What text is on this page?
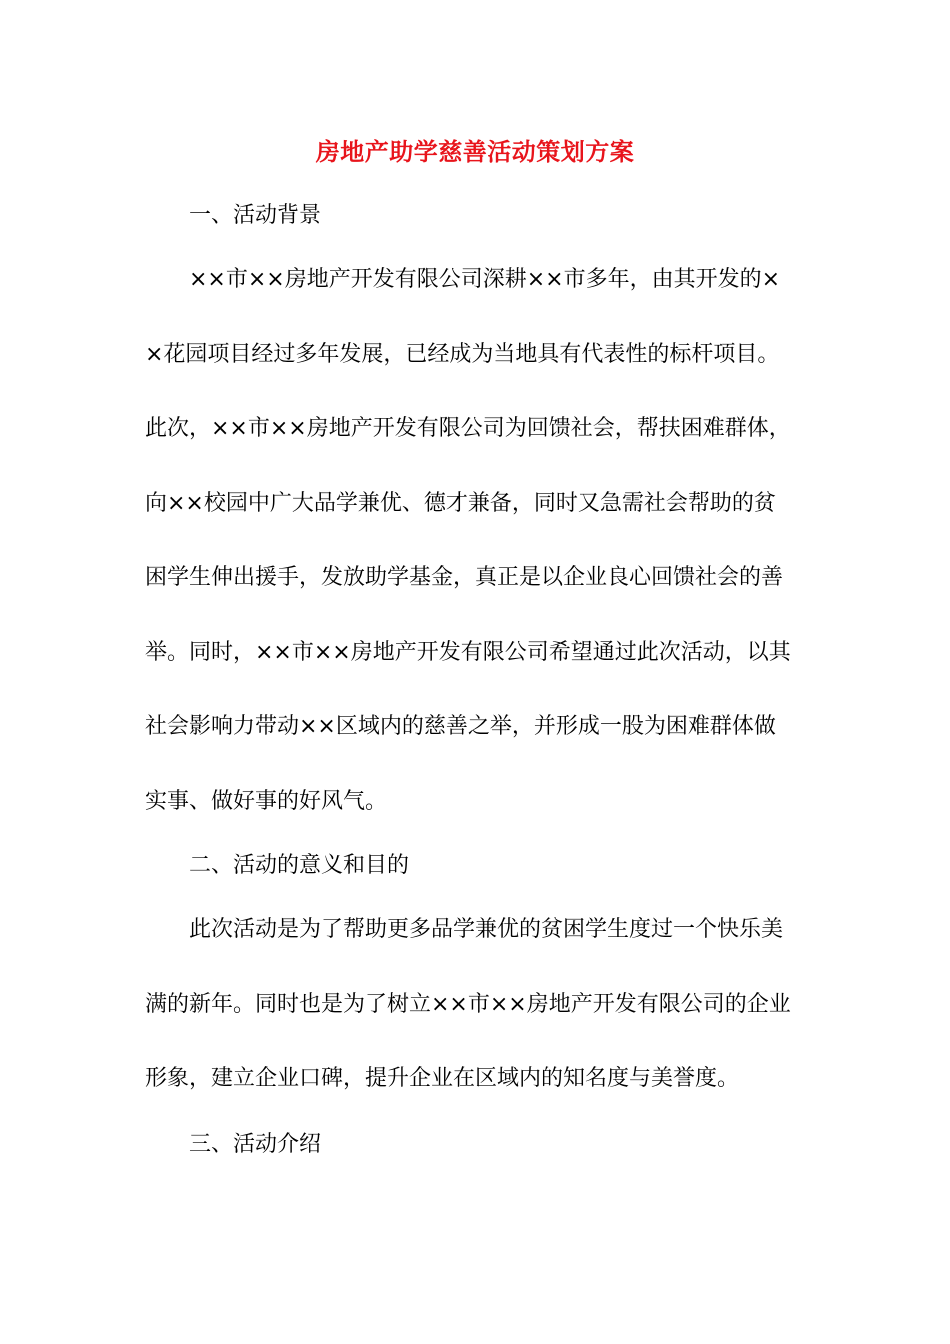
房地产助学慈善活动策划方案
一、活动背景
××市××房地产开发有限公司深耕××市多年，由其开发的×
×花园项目经过多年发展，已经成为当地具有代表性的标杆项目。
此次，××市××房地产开发有限公司为回馈社会，帮扶困难群体，
向××校园中广大品学兼优、德才兼备，同时又急需社会帮助的贫
困学生伸出援手，发放助学基金，真正是以企业良心回馈社会的善
举。同时，××市××房地产开发有限公司希望通过此次活动，以其
社会影响力带动××区域内的慈善之举，并形成一股为困难群体做
实事、做好事的好风气。
二、活动的意义和目的
此次活动是为了帮助更多品学兼优的贫困学生度过一个快乐美
满的新年。同时也是为了树立××市××房地产开发有限公司的企业
形象，建立企业口碑，提升企业在区域内的知名度与美誉度。
三、活动介绍
